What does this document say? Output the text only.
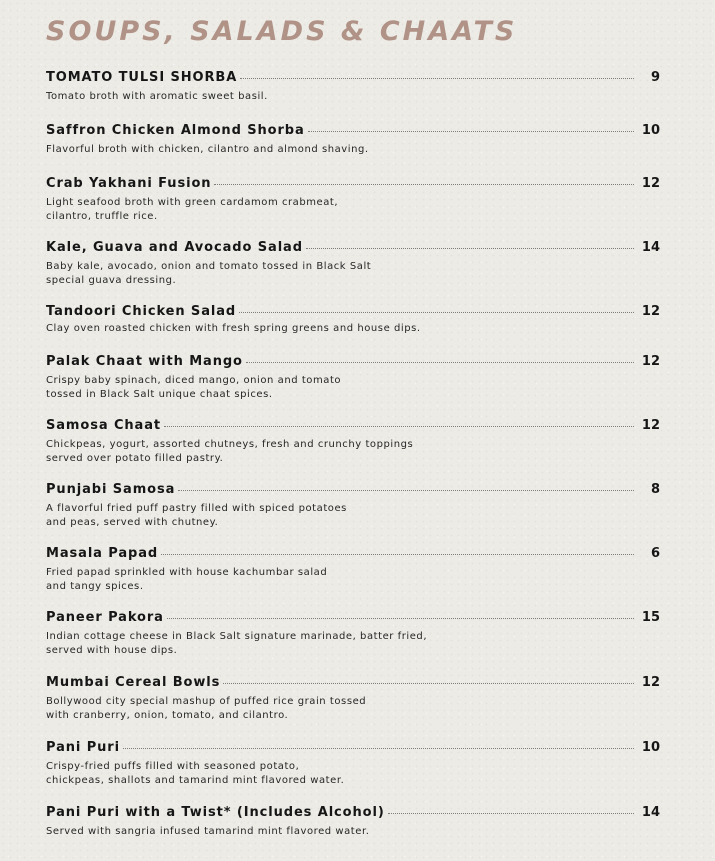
SOUPS, SALADS & CHAATS
TOMATO TULSI SHORBA	9
Tomato broth with aromatic sweet basil.
Saffron Chicken Almond Shorba	10
Flavorful broth with chicken, cilantro and almond shaving.
Crab Yakhani Fusion	12
Light seafood broth with green cardamom crabmeat,
cilantro, truffle rice.
Kale, Guava and Avocado Salad	14
Baby kale, avocado, onion and tomato tossed in Black Salt
special guava dressing.
Tandoori Chicken Salad	12
Clay oven roasted chicken with fresh spring greens and house dips.
Palak Chaat with Mango	12
Crispy baby spinach, diced mango, onion and tomato
tossed in Black Salt unique chaat spices.
Samosa Chaat	12
Chickpeas, yogurt, assorted chutneys, fresh and crunchy toppings
served over potato filled pastry.
Punjabi Samosa	8
A flavorful fried puff pastry filled with spiced potatoes
and peas, served with chutney.
Masala Papad	6
Fried papad sprinkled with house kachumbar salad
and tangy spices.
Paneer Pakora	15
Indian cottage cheese in Black Salt signature marinade, batter fried,
served with house dips.
Mumbai Cereal Bowls	12
Bollywood city special mashup of puffed rice grain tossed
with cranberry, onion, tomato, and cilantro.
Pani Puri	10
Crispy-fried puffs filled with seasoned potato,
chickpeas, shallots and tamarind mint flavored water.
Pani Puri with a Twist* (Includes Alcohol)	14
Served with sangria infused tamarind mint flavored water.
